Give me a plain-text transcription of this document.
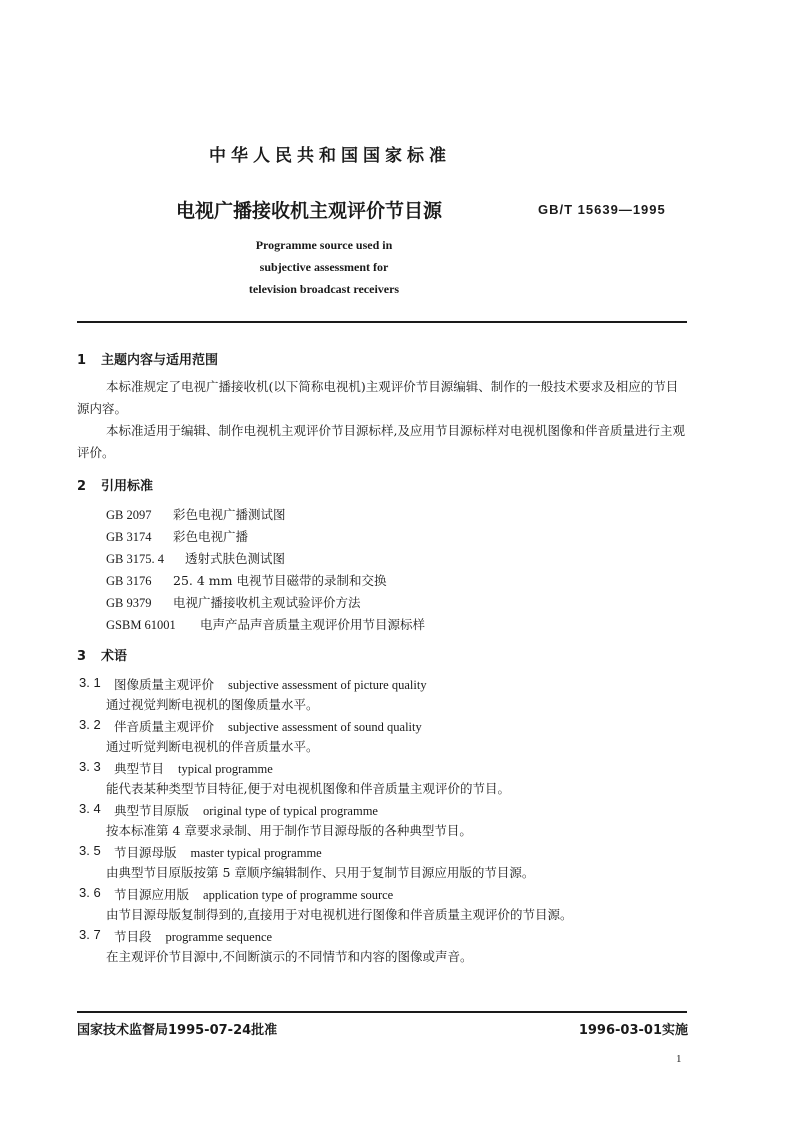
中华人民共和国国家标准
电视广播接收机主观评价节目源	GB/T 15639—1995
Programme source used in
subjective assessment for
television broadcast receivers
1 主题内容与适用范围
本标准规定了电视广播接收机(以下简称电视机)主观评价节目源编辑、制作的一般技术要求及相应的节目源内容。
本标准适用于编辑、制作电视机主观评价节目源标样,及应用节目源标样对电视机图像和伴音质量进行主观评价。
2 引用标准
GB 2097 彩色电视广播测试图
GB 3174 彩色电视广播
GB 3175. 4 透射式肤色测试图
GB 3176 25. 4 mm 电视节目磁带的录制和交换
GB 9379 电视广播接收机主观试验评价方法
GSBM 61001 电声产品声音质量主观评价用节目源标样
3 术语
3. 1 图像质量主观评价 subjective assessment of picture quality
通过视觉判断电视机的图像质量水平。
3. 2 伴音质量主观评价 subjective assessment of sound quality
通过听觉判断电视机的伴音质量水平。
3. 3 典型节目 typical programme
能代表某种类型节目特征,便于对电视机图像和伴音质量主观评价的节目。
3. 4 典型节目原版 original type of typical programme
按本标准第 4 章要求录制、用于制作节目源母版的各种典型节目。
3. 5 节目源母版 master typical programme
由典型节目原版按第 5 章顺序编辑制作、只用于复制节目源应用版的节目源。
3. 6 节目源应用版 application type of programme source
由节目源母版复制得到的,直接用于对电视机进行图像和伴音质量主观评价的节目源。
3. 7 节目段 programme sequence
在主观评价节目源中,不间断演示的不同情节和内容的图像或声音。
国家技术监督局1995-07-24批准	1996-03-01实施
1
